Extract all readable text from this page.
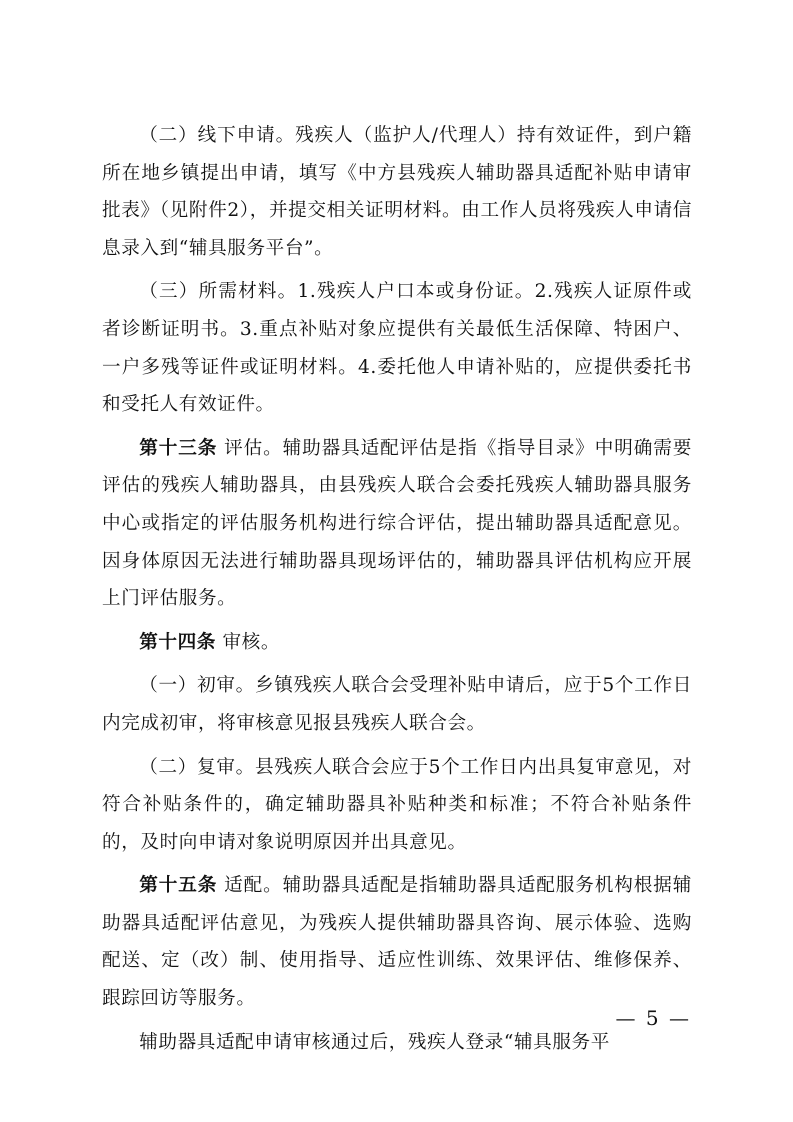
（二）线下申请。残疾人（监护人/代理人）持有效证件，到户籍所在地乡镇提出申请，填写《中方县残疾人辅助器具适配补贴申请审批表》（见附件2），并提交相关证明材料。由工作人员将残疾人申请信息录入到“辅具服务平台”。

（三）所需材料。1.残疾人户口本或身份证。2.残疾人证原件或者诊断证明书。3.重点补贴对象应提供有关最低生活保障、特困户、一户多残等证件或证明材料。4.委托他人申请补贴的，应提供委托书和受托人有效证件。

第十三条 评估。辅助器具适配评估是指《指导目录》中明确需要评估的残疾人辅助器具，由县残疾人联合会委托残疾人辅助器具服务中心或指定的评估服务机构进行综合评估，提出辅助器具适配意见。因身体原因无法进行辅助器具现场评估的，辅助器具评估机构应开展上门评估服务。

第十四条 审核。

（一）初审。乡镇残疾人联合会受理补贴申请后，应于5个工作日内完成初审，将审核意见报县残疾人联合会。

（二）复审。县残疾人联合会应于5个工作日内出具复审意见，对符合补贴条件的，确定辅助器具补贴种类和标准；不符合补贴条件的，及时向申请对象说明原因并出具意见。

第十五条 适配。辅助器具适配是指辅助器具适配服务机构根据辅助器具适配评估意见，为残疾人提供辅助器具咨询、展示体验、选购配送、定（改）制、使用指导、适应性训练、效果评估、维修保养、跟踪回访等服务。

辅助器具适配申请审核通过后，残疾人登录“辅具服务平

— 5 —
